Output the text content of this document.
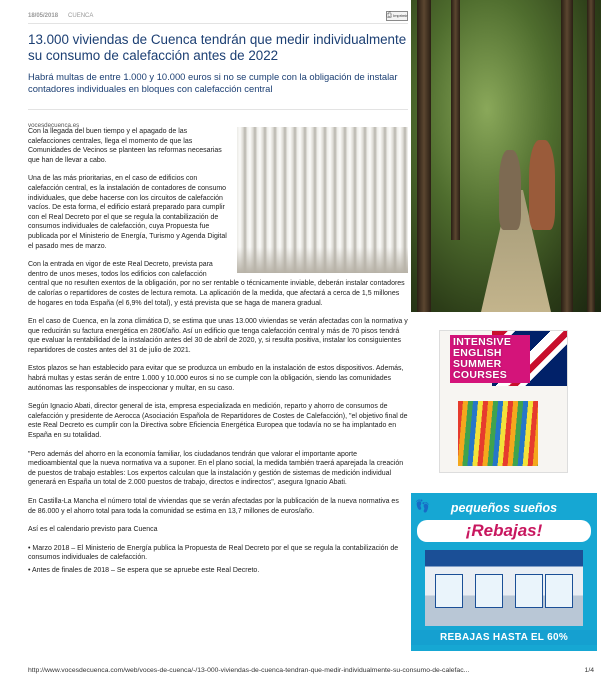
18/05/2018 CUENCA	⎙ Imprimir
13.000 viviendas de Cuenca tendrán que medir individualmente su consumo de calefacción antes de 2022

Habrá multas de entre 1.000 y 10.000 euros si no se cumple con la obligación de instalar contadores individuales en bloques con calefacción central

vocesdecuenca.es

Con la llegada del buen tiempo y el apagado de las calefacciones centrales, llega el momento de que las Comunidades de Vecinos se planteen las reformas necesarias que han de llevar a cabo.

Una de las más prioritarias, en el caso de edificios con calefacción central, es la instalación de contadores de consumo individuales, que debe hacerse con los circuitos de calefacción vacíos. De esta forma, el edificio estará preparado para cumplir con el Real Decreto por el que se regula la contabilización de consumos individuales de calefacción, cuya Propuesta fue publicada por el Ministerio de Energía, Turismo y Agenda Digital el pasado mes de marzo.

Con la entrada en vigor de este Real Decreto, prevista para dentro de unos meses, todos los edificios con calefacción central que no resulten exentos de la obligación, por no ser rentable o técnicamente inviable, deberán instalar contadores de calorías o repartidores de costes de lectura remota. La aplicación de la medida, que afectará a cerca de 1,5 millones de hogares en toda España (el 6,9% del total), y está prevista que se haga de manera gradual.

En el caso de Cuenca, en la zona climática D, se estima que unas 13.000 viviendas se verán afectadas con la normativa y que reducirán su factura energética en 280€/año. Así un edificio que tenga calefacción central y más de 70 pisos tendrá que evaluar la rentabilidad de la instalación antes del 30 de abril de 2020, y, si resulta positiva, instalar los consiguientes repartidores de costes antes del 31 de julio de 2021.

Estos plazos se han establecido para evitar que se produzca un embudo en la instalación de estos dispositivos. Además, habrá multas y estas serán de entre 1.000 y 10.000 euros si no se cumple con la obligación, siendo las comunidades autónomas las responsables de inspeccionar y multar, en su caso.

Según Ignacio Abati, director general de ista, empresa especializada en medición, reparto y ahorro de consumos de calefacción y presidente de Aerocca (Asociación Española de Repartidores de Costes de Calefacción), "el objetivo final de este Real Decreto es cumplir con la Directiva sobre Eficiencia Energética Europea que todavía no se ha implantado en España en su totalidad.

"Pero además del ahorro en la economía familiar, los ciudadanos tendrán que valorar el importante aporte medioambiental que la nueva normativa va a suponer. En el plano social, la medida también traerá aparejada la creación de puestos de trabajo estables: Los expertos calculan que la instalación y gestión de sistemas de medición individual generará en España un total de 2.000 puestos de trabajo, directos e indirectos", asegura Ignacio Abati.

En Castilla-La Mancha el número total de viviendas que se verán afectadas por la publicación de la nueva normativa es de 86.000 y el ahorro total para toda la comunidad se estima en 13,7 millones de euros/año.

Así es el calendario previsto para Cuenca

• Marzo 2018 – El Ministerio de Energía publica la Propuesta de Real Decreto por el que se regula la contabilización de consumos individuales de calefacción.

• Antes de finales de 2018 – Se espera que se apruebe este Real Decreto.

http://www.vocesdecuenca.com/web/voces-de-cuenca/-/13-000-viviendas-de-cuenca-tendran-que-medir-individualmente-su-consumo-de-calefac...	1/4
INTENSIVE ENGLISH SUMMER COURSES
👣	pequeños sueños
¡Rebajas!
REBAJAS HASTA EL 60%
